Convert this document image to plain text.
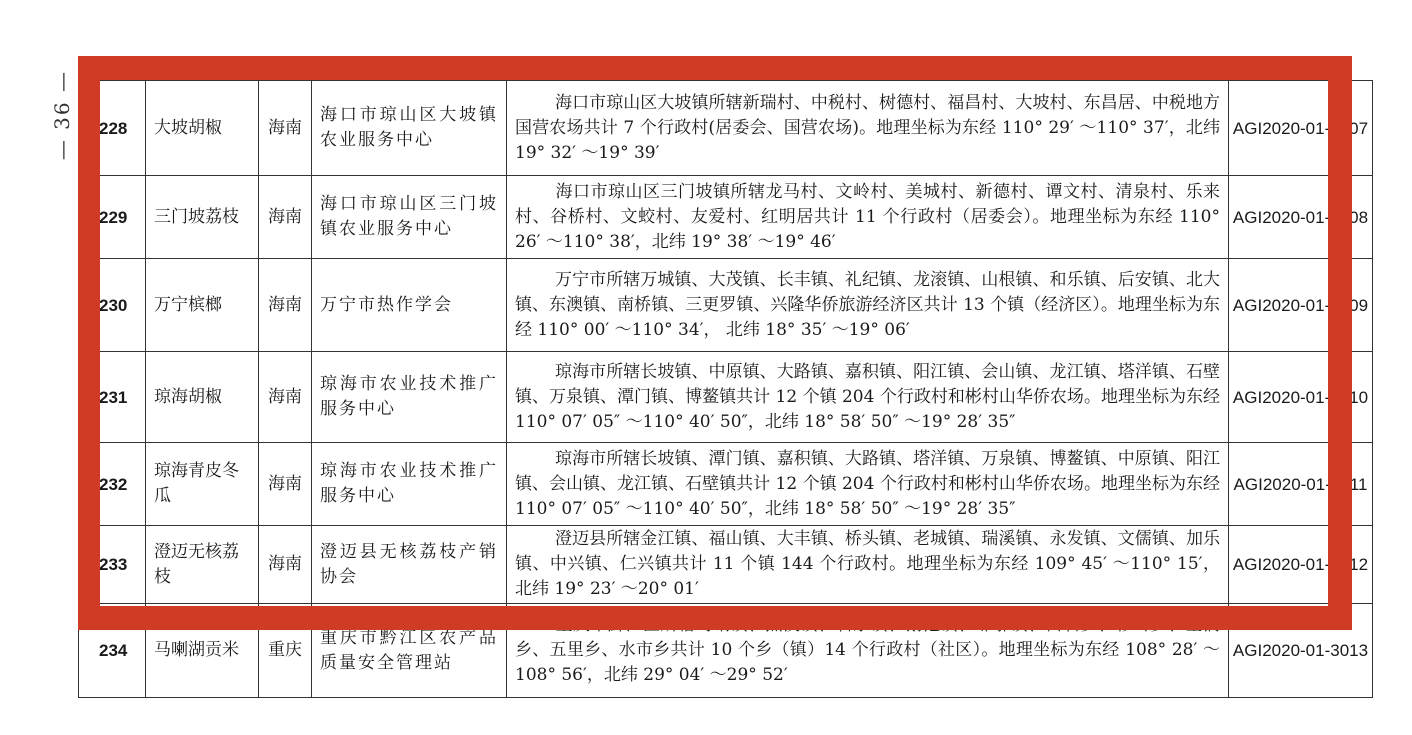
— 36 — 228	大坡胡椒	海南	海口市琼山区大坡镇农业服务中心	海口市琼山区大坡镇所辖新瑞村、中税村、树德村、福昌村、大坡村、东昌居、中税地方国营农场共计 7 个行政村(居委会、国营农场)。地理坐标为东经 110° 29′ ～110° 37′，北纬 19° 32′ ～19° 39′	AGI2020-01-3007
229	三门坡荔枝	海南	海口市琼山区三门坡镇农业服务中心	海口市琼山区三门坡镇所辖龙马村、文岭村、美城村、新德村、谭文村、清泉村、乐来村、谷桥村、文蛟村、友爱村、红明居共计 11 个行政村（居委会）。地理坐标为东经 110° 26′ ～110° 38′，北纬 19° 38′ ～19° 46′	AGI2020-01-3008
230	万宁槟榔	海南	万宁市热作学会	万宁市所辖万城镇、大茂镇、长丰镇、礼纪镇、龙滚镇、山根镇、和乐镇、后安镇、北大镇、东澳镇、南桥镇、三更罗镇、兴隆华侨旅游经济区共计 13 个镇（经济区）。地理坐标为东经 110° 00′ ～110° 34′， 北纬 18° 35′ ～19° 06′	AGI2020-01-3009
231	琼海胡椒	海南	琼海市农业技术推广服务中心	琼海市所辖长坡镇、中原镇、大路镇、嘉积镇、阳江镇、会山镇、龙江镇、塔洋镇、石壁镇、万泉镇、潭门镇、博鳌镇共计 12 个镇 204 个行政村和彬村山华侨农场。地理坐标为东经 110° 07′ 05″ ～110° 40′ 50″，北纬 18° 58′ 50″ ～19° 28′ 35″	AGI2020-01-3010
232	琼海青皮冬瓜	海南	琼海市农业技术推广服务中心	琼海市所辖长坡镇、潭门镇、嘉积镇、大路镇、塔洋镇、万泉镇、博鳌镇、中原镇、阳江镇、会山镇、龙江镇、石壁镇共计 12 个镇 204 个行政村和彬村山华侨农场。地理坐标为东经 110° 07′ 05″ ～110° 40′ 50″，北纬 18° 58′ 50″ ～19° 28′ 35″	AGI2020-01-3011
233	澄迈无核荔枝	海南	澄迈县无核荔枝产销协会	澄迈县所辖金江镇、福山镇、大丰镇、桥头镇、老城镇、瑞溪镇、永发镇、文儒镇、加乐镇、中兴镇、仁兴镇共计 11 个镇 144 个行政村。地理坐标为东经 109° 45′ ～110° 15′，北纬 19° 23′ ～20° 01′	AGI2020-01-3012
234	马喇湖贡米	重庆	重庆市黔江区农产品质量安全管理站	重庆市黔江区所辖马喇镇、黑溪镇、石家镇、鹅池镇、邻鄂镇、白石乡、杉岭乡、金洞乡、五里乡、水市乡共计 10 个乡（镇）14 个行政村（社区）。地理坐标为东经 108° 28′ ～108° 56′，北纬 29° 04′ ～29° 52′	AGI2020-01-3013
